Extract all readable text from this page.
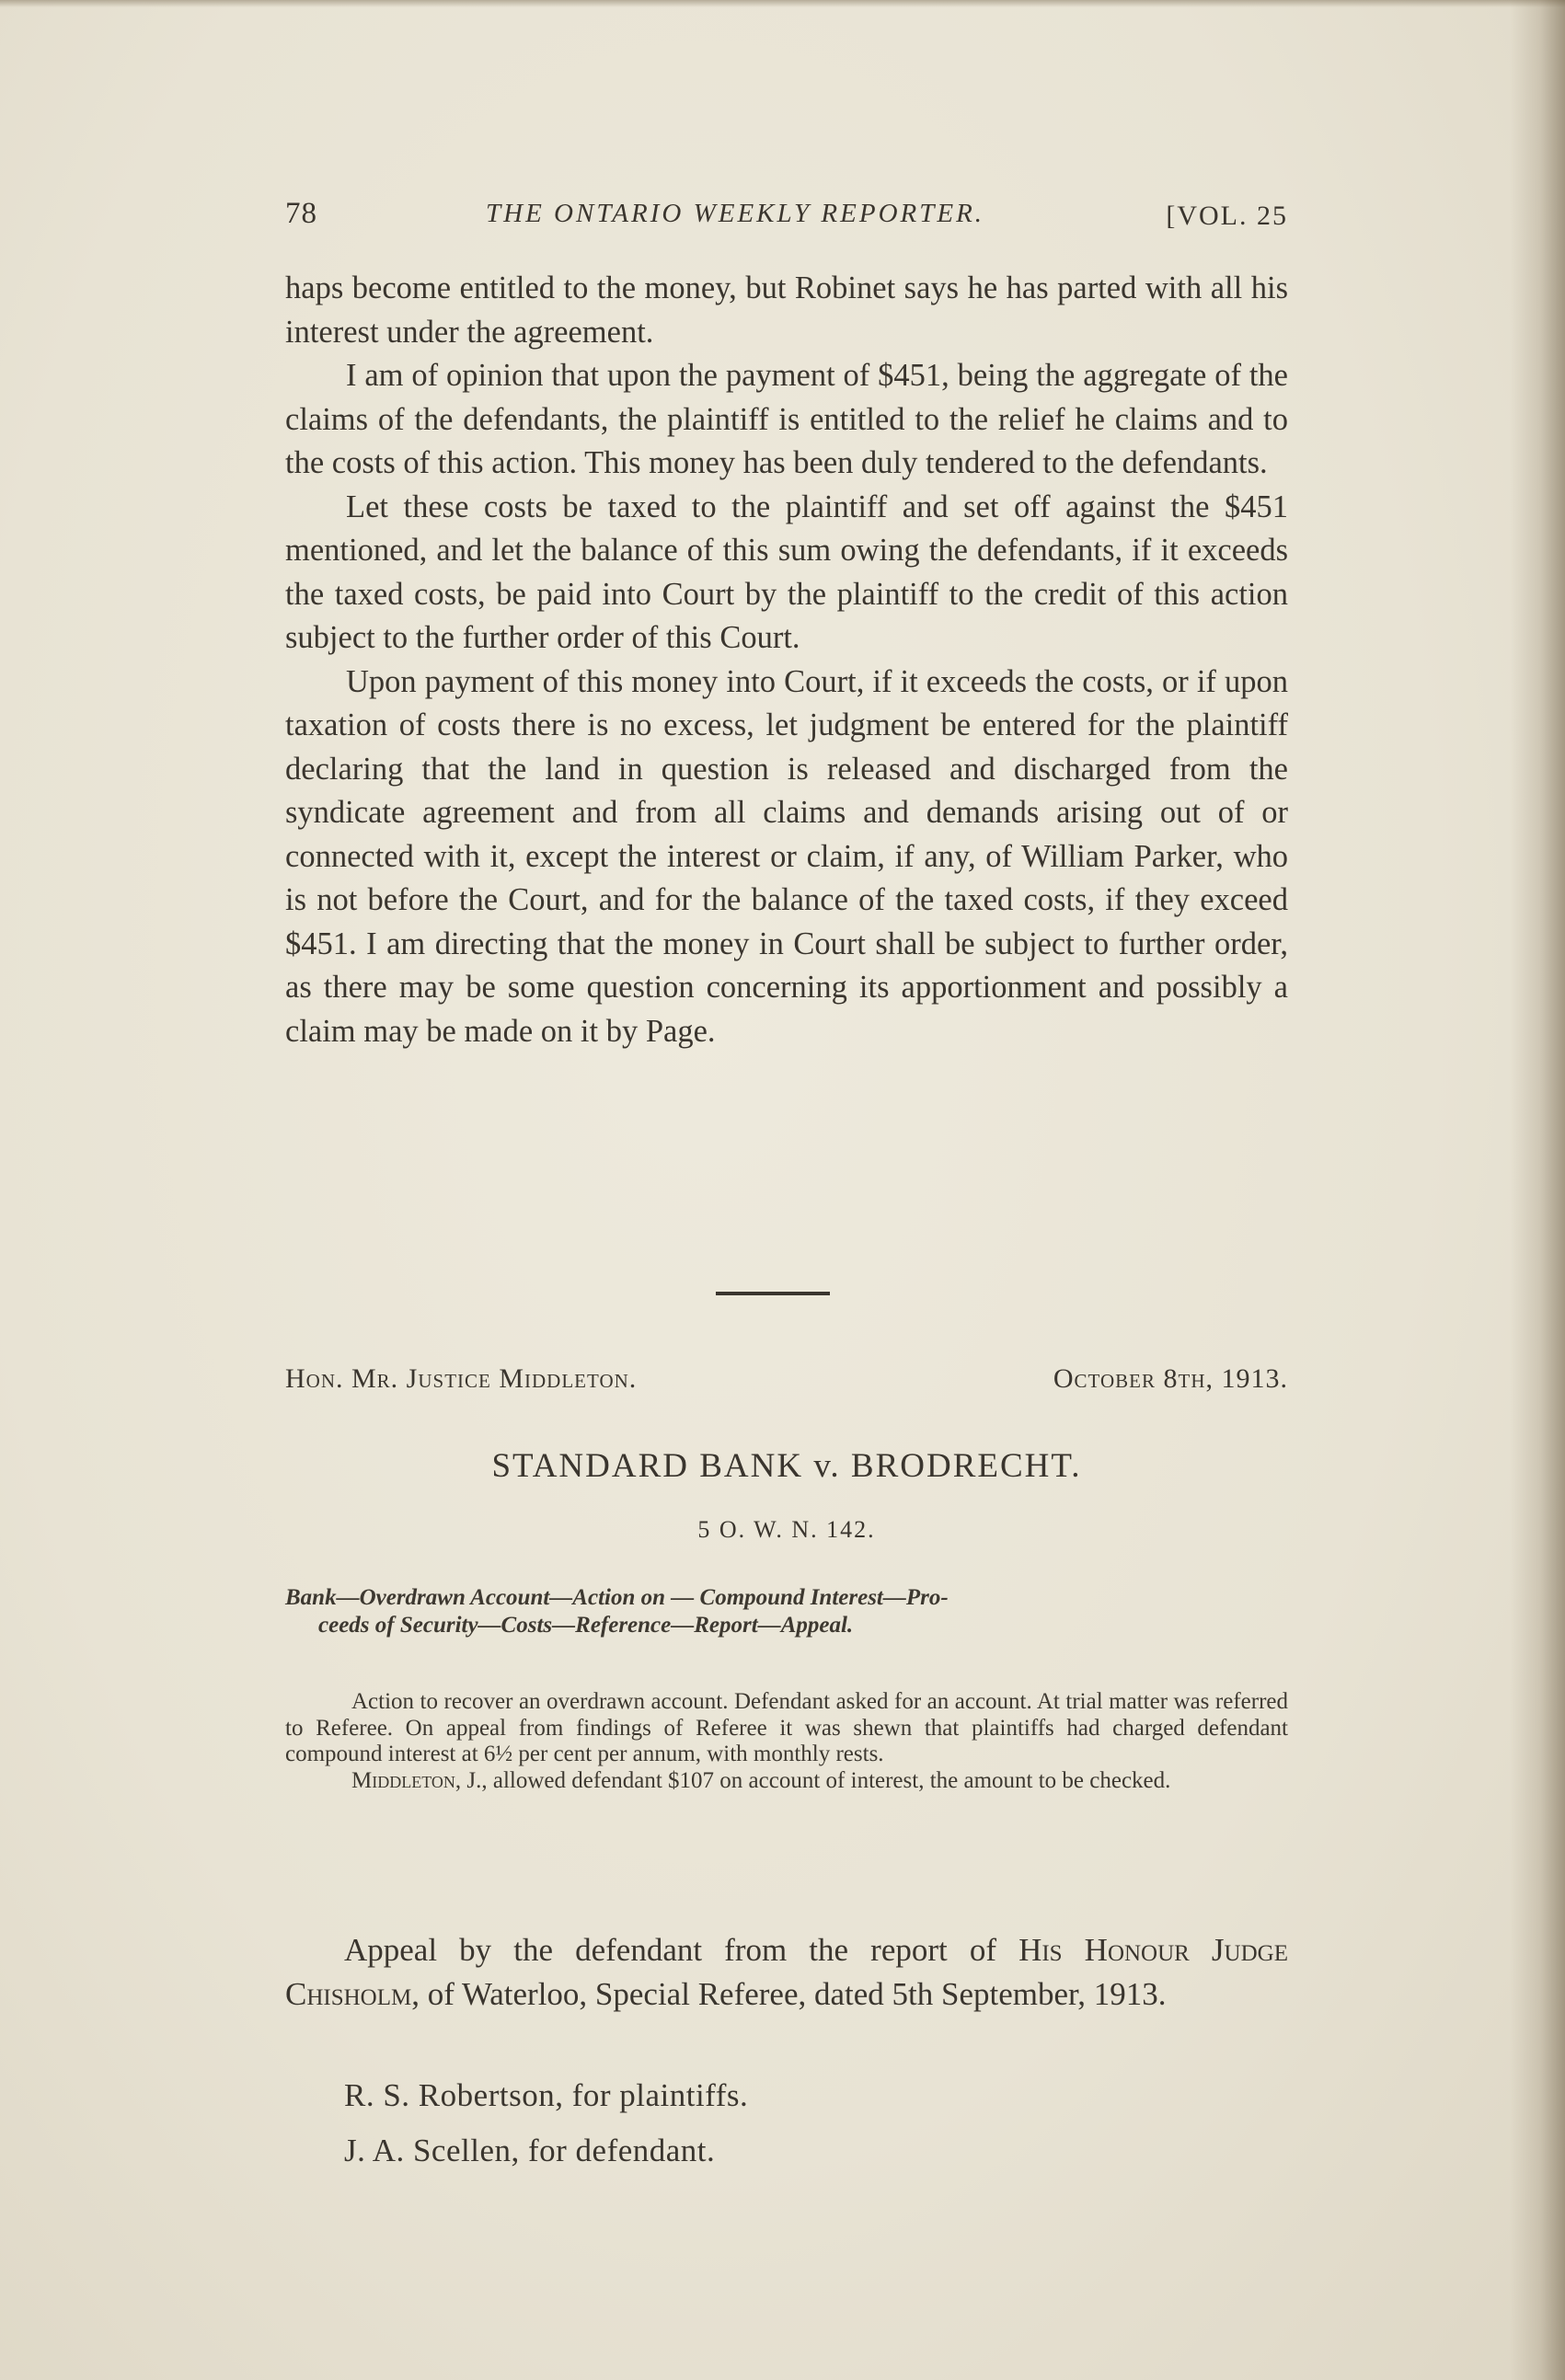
78	THE ONTARIO WEEKLY REPORTER.	[VOL. 25

haps become entitled to the money, but Robinet says he has parted with all his interest under the agreement.

I am of opinion that upon the payment of $451, being the aggregate of the claims of the defendants, the plaintiff is entitled to the relief he claims and to the costs of this action. This money has been duly tendered to the defendants.

Let these costs be taxed to the plaintiff and set off against the $451 mentioned, and let the balance of this sum owing the defendants, if it exceeds the taxed costs, be paid into Court by the plaintiff to the credit of this action subject to the further order of this Court.

Upon payment of this money into Court, if it exceeds the costs, or if upon taxation of costs there is no excess, let judgment be entered for the plaintiff declaring that the land in question is released and discharged from the syndicate agreement and from all claims and demands arising out of or connected with it, except the interest or claim, if any, of William Parker, who is not before the Court, and for the balance of the taxed costs, if they exceed $451. I am directing that the money in Court shall be subject to further order, as there may be some question concerning its apportionment and possibly a claim may be made on it by Page.

Hon. Mr. Justice Middleton.	October 8th, 1913.
STANDARD BANK v. BRODRECHT.
5 O. W. N. 142.
Bank—Overdrawn Account—Action on — Compound Interest—Pro-
ceeds of Security—Costs—Reference—Report—Appeal.

Action to recover an overdrawn account. Defendant asked for an account. At trial matter was referred to Referee. On appeal from findings of Referee it was shewn that plaintiffs had charged defendant compound interest at 6½ per cent per annum, with monthly rests.

Middleton, J., allowed defendant $107 on account of interest, the amount to be checked.

Appeal by the defendant from the report of His Honour Judge Chisholm, of Waterloo, Special Referee, dated 5th September, 1913.

R. S. Robertson, for plaintiffs.
J. A. Scellen, for defendant.
